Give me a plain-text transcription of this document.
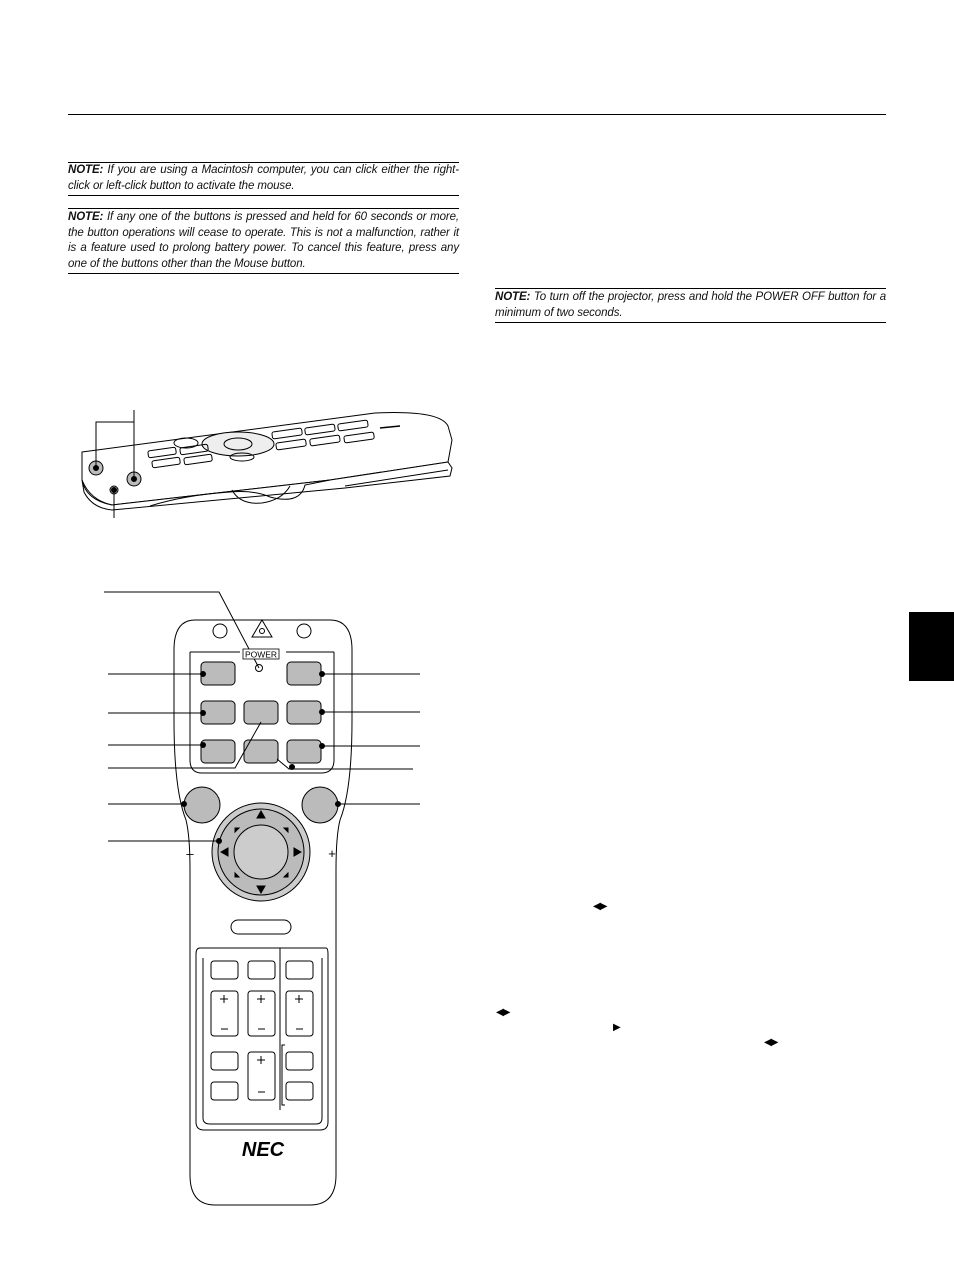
NOTE: If you are using a Macintosh computer, you can click either the right-click or left-click button to activate the mouse.
NOTE: If any one of the buttons is pressed and held for 60 seconds or more, the button operations will cease to operate. This is not a malfunction, rather it is a feature used to prolong battery power. To cancel this feature, press any one of the buttons other than the Mouse button.
NOTE: To turn off the projector, press and hold the POWER OFF button for a minimum of two seconds.
◀▶
◀▶
▶
◀▶
POWER
–	+
NEC
